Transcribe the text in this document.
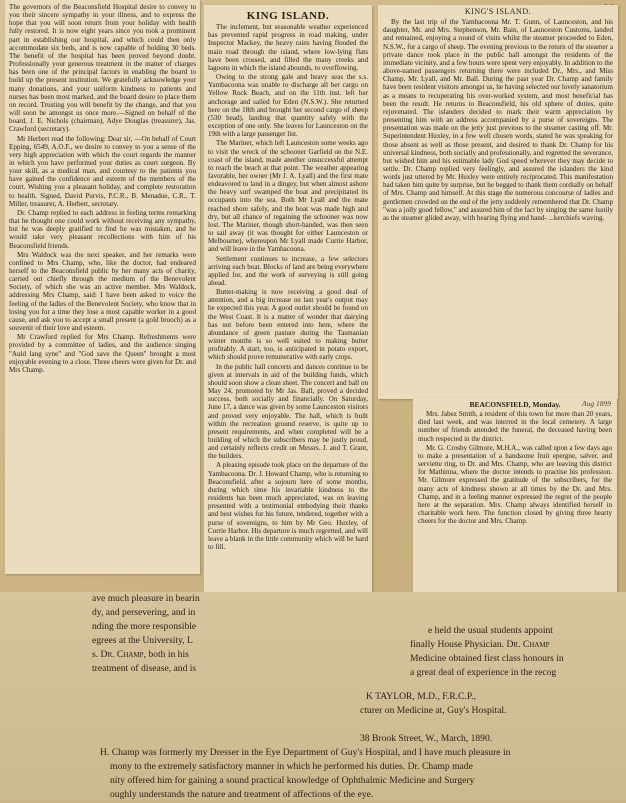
The governors of the Beaconsfield Hospital desire to convey to you their sincere sympathy in your illness, and to express the hope that you will soon return from your holiday with health fully restored. It is now eight years since you took a prominent part in establishing our hospital, and which could then only accommodate six beds, and is now capable of holding 30 beds. The benefit of the hospital has been proved beyond doubt. Professionally your generous treatment in the matter of charges has been one of the principal factors in enabling the board to build up the present institution. We gratefully acknowledge your many donations, and your uniform kindness to patients and nurses has been most marked, and the board desire to place them on record. Trusting you will benefit by the change, and that you will soon be amongst us once more.—Signed on behalf of the board, J. E. Nichols (chairman), Adye Douglas (treasurer), Jas. Crawford (secretary).

Mr Herbert read the following: Dear sir, —On behalf of Court Epping, 6549, A.O.F., we desire to convey to you a sense of the very high appreciation with which the court regards the manner in which you have performed your duties as court surgeon. By your skill, as a medical man, and courtesy to the patients you have gained the confidence and esteem of the members of the court. Wishing you a pleasant holiday, and complete restoration to health. Signed, David Purvis, P.C.R., B. Menadue, C.R., T. Miller, treasurer, A. Herbert, secretary.

Dr. Champ replied to each address in feeling terms remarking that he thought one could work without receiving any sympathy, but he was deeply gratified to find he was mistaken, and he would take very pleasant recollections with him of his Beaconsfield friends.

Mrs Waldock was the next speaker, and her remarks were confined to Mrs Champ, who, like the doctor, had endeared herself to the Beaconsfield public by her many acts of charity, carried out chiefly through the medium of the Benevolent Society, of which she was an active member. Mrs Waldock, addressing Mrs Champ, said: I have been asked to voice the feeling of the ladies of the Benevolent Society, who know that in losing you for a time they lose a most capable worker in a good cause, and ask you to accept a small present (a gold brooch) as a souvenir of their love and esteem.

Mr Crawford replied for Mrs Champ. Refreshments were provided by a committee of ladies, and the audience singing "Auld lang syne" and "God save the Queen" brought a most enjoyable evening to a close. Three cheers were given for Dr. and Mrs Champ.

KING ISLAND.

The inclement, but seasonable weather experienced has prevented rapid progress in road making, under Inspector Mackey, the heavy rains having flooded the main road through the island, where low-lying flats have been crossed, and filled the many creeks and lagoons in which the island abounds, to overflowing.

Owing to the strong gale and heavy seas the s.s. Yambacoona was unable to discharge all her cargo on Yellow Rock Beach, and on the 11th inst. left her anchorage and sailed for Eden (N.S.W.). She returned here on the 18th and brought her second cargo of sheep (530 head), landing that quantity safely with the exception of one only. She leaves for Launceston on the 19th with a large passenger list.

The Mariner, which left Launceston some weeks ago to visit the wreck of the schooner Garfield on the N.E. coast of the island, made another unsuccessful attempt to reach the beach at that point. The weather appearing favorable, her owner (Mr J. A. Lyall) and the first mate endeavored to land in a dingey, but when almost ashore the heavy surf swamped the boat and precipitated its occupants into the sea. Both Mr Lyall and the mate reached shore safely, and the boat was made high and dry, but all chance of regaining the schooner was now lost. The Mariner, though short-handed, was then seen to sail away (it was thought for either Launceston or Melbourne), whereupon Mr Lyall made Currie Harbor, and will leave in the Yambacoona.

Settlement continues to increase, a few selectors arriving each boat. Blocks of land are being everywhere applied for, and the work of surveying is still going ahead.

Butter-making is now receiving a good deal of attention, and a big increase on last year's output may be expected this year. A good outlet should be found on the West Coast. It is a matter of wonder that dairying has not before been entered into here, where the abundance of green pasture during the Tasmanian winter months is so well suited to making butter profitably. A start, too, is anticipated in potato export, which should prove remunerative with early crops.

In the public hall concerts and dances continue to be given at intervals in aid of the building funds, which should soon show a clean sheet. The concert and ball on May 24, promoted by Mr Jas. Ball, proved a decided success, both socially and financially. On Saturday, June 17, a dance was given by some Launceston visitors and proved very enjoyable. The hall, which is built within the recreation ground reserve, is quite up to present requirements, and when completed will be a building of which the subscribers may be justly proud, and certainly reflects credit on Messrs. J. and T. Grant, the builders.

A pleasing episode took place on the departure of the Yambacoona. Dr. J. Howard Champ, who is returning to Beaconsfield, after a sojourn here of some months, during which time his invariable kindness to the residents has been much appreciated, was on leaving presented with a testimonial embodying their thanks and best wishes for his future, tendered, together with a purse of sovereigns, to him by Mr Geo. Huxley, of Currie Harbor. His departure is much regretted, and will leave a blank in the little community which will be hard to fill.

KING'S ISLAND.

By the last trip of the Yambacoona Mr. T. Gunn, of Launceston, and his daughter, Mr. and Mrs. Stephenson, Mr. Bain, of Launceston Customs, landed and remained, enjoying a round of visits whilst the steamer proceeded to Eden, N.S.W., for a cargo of sheep. The evening previous to the return of the steamer a private dance took place in the public hall amongst the residents of the immediate vicinity, and a few hours were spent very enjoyably. In addition to the above-named passengers returning there were included Dr., Mrs., and Miss Champ, Mr. Lyall, and Mr. Ball. During the past year Dr. Champ and family have been resident visitors amongst us, he having selected our lovely sanatorium as a means to recuperating his over-worked system, and most beneficial has been the result. He returns to Beaconsfield, his old sphere of duties, quite rejuvenated. The islanders decided to mark their warm appreciation by presenting him with an address accompanied by a purse of sovereigns. The presentation was made on the jetty just previous to the steamer casting off. Mr. Superintendent Huxley, in a few well chosen words, stated he was speaking for those absent as well as those present, and desired to thank Dr. Champ for his universal kindness, both socially and professionally, and regretted the severance, but wished him and his estimable lady God speed wherever they may decide to settle. Dr. Champ replied very feelingly, and assured the islanders the kind words just uttered by Mr. Huxley were entirely reciprocated. This manifestation had taken him quite by surprise, but he begged to thank them cordially on behalf of Mrs. Champ and himself. At this stage the numerous concourse of ladies and gentlemen crowded on the end of the jetty suddenly remembered that Dr. Champ "was a jolly good fellow," and assured him of the fact by singing the same lustily as the steamer glided away, with hearing flying and hand- ...kerchiefs waving.

Aug 1899
BEACONSFIELD, Monday.

Mrs. Jabez Smith, a resident of this town for more than 20 years, died last week, and was interred in the local cemetery. A large number of friends attended the funeral, the deceased having been much respected in the district.

Mr. G. Crosby Gilmore, M.H.A., was called upon a few days ago to make a presentation of a handsome fruit epergne, salver, and serviette ring, to Dr. and Mrs. Champ, who are leaving this district for Mathinna, where the doctor intends to practise his profession. Mr. Gilmore expressed the gratitude of the subscribers, for the many acts of kindness shown at all times by the Dr. and Mrs. Champ, and in a feeling manner expressed the regret of the people here at the separation. Mrs. Champ always identified herself in charitable work here. The function closed by giving three hearty cheers for the doctor and Mrs. Champ.

ave much pleasure in bearin
dy, and persevering, and in
nding the more responsible
egrees at the University, L
s. Dr. Champ, both in his
treatment of disease, and is
e held the usual students appoint
finally House Physician. Dr. Champ
Medicine obtained first class honours in
a great deal of experience in the recog
K TAYLOR, M.D., F.R.C.P.,
cturer on Medicine at, Guy's Hospital.
38 Brook Street, W., March, 1890.
H. Champ was formerly my Dresser in the Eye Department of Guy's Hospital, and I have much pleasure in
mony to the extremely satisfactory manner in which he performed his duties. Dr. Champ made
nity offered him for gaining a sound practical knowledge of Ophthalmic Medicine and Surgery
oughly understands the nature and treatment of affections of the eye.
